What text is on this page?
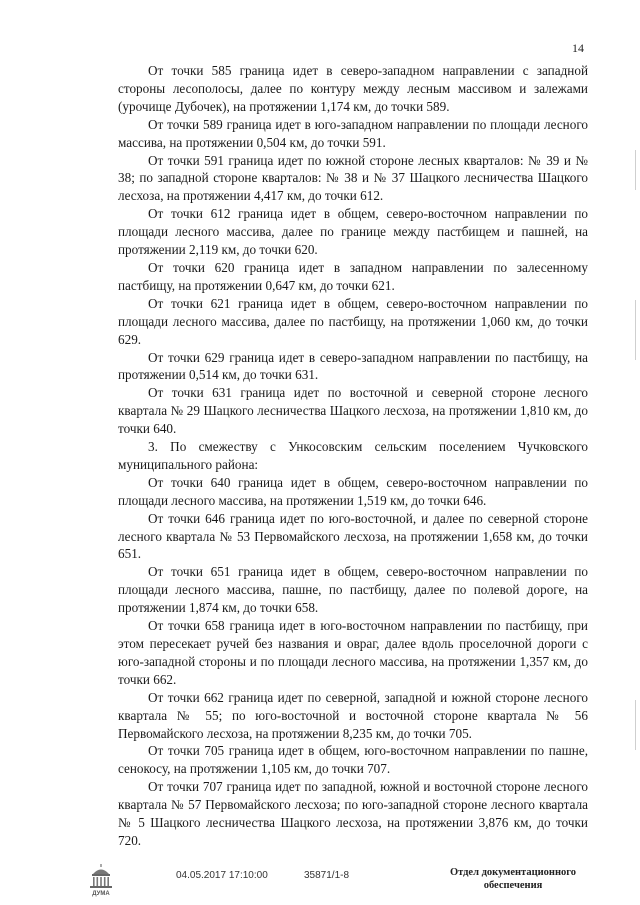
14

От точки 585 граница идет в северо-западном направлении с западной стороны лесополосы, далее по контуру между лесным массивом и залежами (урочище Дубочек), на протяжении 1,174 км, до точки 589.

От точки 589 граница идет в юго-западном направлении по площади лесного массива, на протяжении 0,504 км, до точки 591.

От точки 591 граница идет по южной стороне лесных кварталов: № 39 и № 38; по западной стороне кварталов: № 38 и № 37 Шацкого лесничества Шацкого лесхоза, на протяжении 4,417 км, до точки 612.

От точки 612 граница идет в общем, северо-восточном направлении по площади лесного массива, далее по границе между пастбищем и пашней, на протяжении 2,119 км, до точки 620.

От точки 620 граница идет в западном направлении по залесенному пастбищу, на протяжении 0,647 км, до точки 621.

От точки 621 граница идет в общем, северо-восточном направлении по площади лесного массива, далее по пастбищу, на протяжении 1,060 км, до точки 629.

От точки 629 граница идет в северо-западном направлении по пастбищу, на протяжении 0,514 км, до точки 631.

От точки 631 граница идет по восточной и северной стороне лесного квартала № 29 Шацкого лесничества Шацкого лесхоза, на протяжении 1,810 км, до точки 640.

3. По смежеству с Ункосовским сельским поселением Чучковского муниципального района:

От точки 640 граница идет в общем, северо-восточном направлении по площади лесного массива, на протяжении 1,519 км, до точки 646.

От точки 646 граница идет по юго-восточной, и далее по северной стороне лесного квартала № 53 Первомайского лесхоза, на протяжении 1,658 км, до точки 651.

От точки 651 граница идет в общем, северо-восточном направлении по площади лесного массива, пашне, по пастбищу, далее по полевой дороге, на протяжении 1,874 км, до точки 658.

От точки 658 граница идет в юго-восточном направлении по пастбищу, при этом пересекает ручей без названия и овраг, далее вдоль проселочной дороги с юго-западной стороны и по площади лесного массива, на протяжении 1,357 км, до точки 662.

От точки 662 граница идет по северной, западной и южной стороне лесного квартала № 55; по юго-восточной и восточной стороне квартала № 56 Первомайского лесхоза, на протяжении 8,235 км, до точки 705.

От точки 705 граница идет в общем, юго-восточном направлении по пашне, сенокосу, на протяжении 1,105 км, до точки 707.

От точки 707 граница идет по западной, южной и восточной стороне лесного квартала № 57 Первомайского лесхоза; по юго-западной стороне лесного квартала № 5 Шацкого лесничества Шацкого лесхоза, на протяжении 3,876 км, до точки 720.

ДУМА
04.05.2017 17:10:00	35871/1-8	Отдел документационного
обеспечения
